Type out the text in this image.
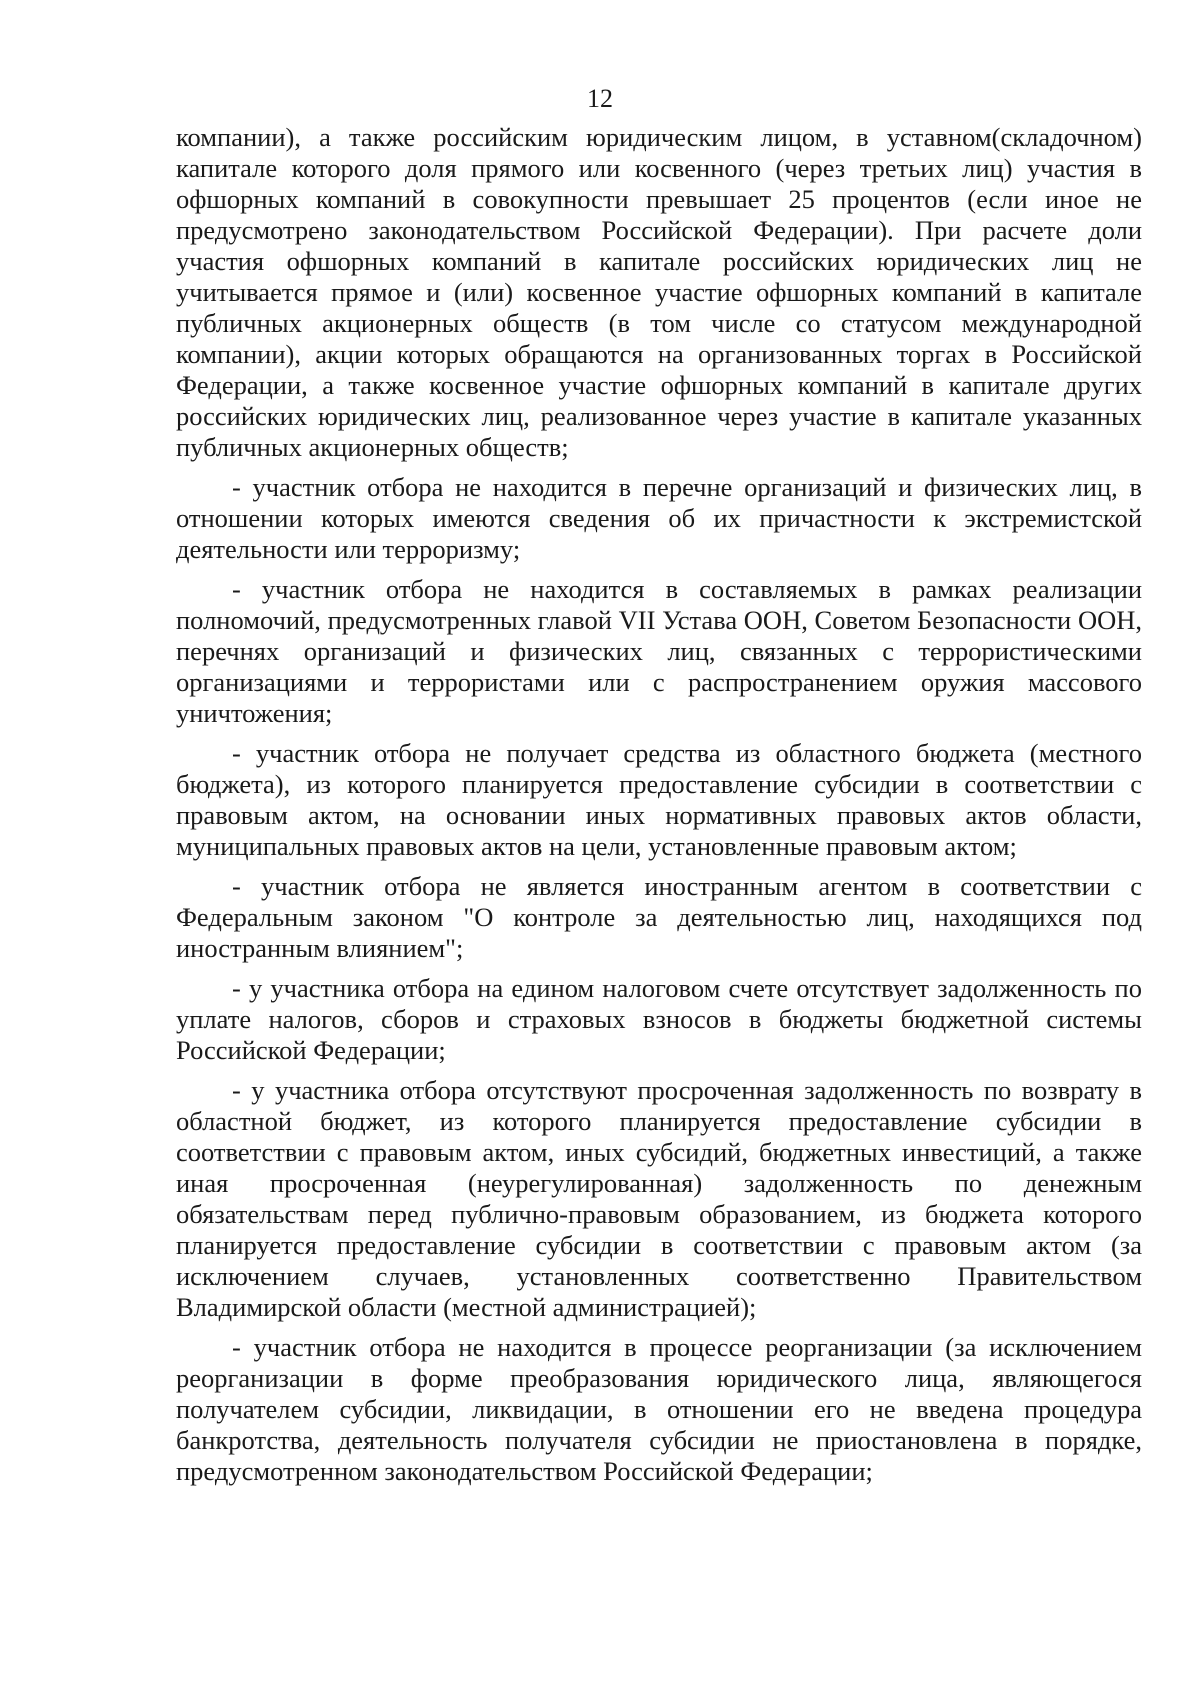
12

компании), а также российским юридическим лицом, в уставном(складочном) капитале которого доля прямого или косвенного (через третьих лиц) участия в офшорных компаний в совокупности превышает 25 процентов (если иное не предусмотрено законодательством Российской Федерации). При расчете доли участия офшорных компаний в капитале российских юридических лиц не учитывается прямое и (или) косвенное участие офшорных компаний в капитале публичных акционерных обществ (в том числе со статусом международной компании), акции которых обращаются на организованных торгах в Российской Федерации, а также косвенное участие офшорных компаний в капитале других российских юридических лиц, реализованное через участие в капитале указанных публичных акционерных обществ;

- участник отбора не находится в перечне организаций и физических лиц, в отношении которых имеются сведения об их причастности к экстремистской деятельности или терроризму;

- участник отбора не находится в составляемых в рамках реализации полномочий, предусмотренных главой VII Устава ООН, Советом Безопасности ООН, перечнях организаций и физических лиц, связанных с террористическими организациями и террористами или с распространением оружия массового уничтожения;

- участник отбора не получает средства из областного бюджета (местного бюджета), из которого планируется предоставление субсидии в соответствии с правовым актом, на основании иных нормативных правовых актов области, муниципальных правовых актов на цели, установленные правовым актом;

- участник отбора не является иностранным агентом в соответствии с Федеральным законом "О контроле за деятельностью лиц, находящихся под иностранным влиянием";

- у участника отбора на едином налоговом счете отсутствует задолженность по уплате налогов, сборов и страховых взносов в бюджеты бюджетной системы Российской Федерации;

- у участника отбора отсутствуют просроченная задолженность по возврату в областной бюджет, из которого планируется предоставление субсидии в соответствии с правовым актом, иных субсидий, бюджетных инвестиций, а также иная просроченная (неурегулированная) задолженность по денежным обязательствам перед публично-правовым образованием, из бюджета которого планируется предоставление субсидии в соответствии с правовым актом (за исключением случаев, установленных соответственно Правительством Владимирской области (местной администрацией);

- участник отбора не находится в процессе реорганизации (за исключением реорганизации в форме преобразования юридического лица, являющегося получателем субсидии, ликвидации, в отношении его не введена процедура банкротства, деятельность получателя субсидии не приостановлена в порядке, предусмотренном законодательством Российской Федерации;
